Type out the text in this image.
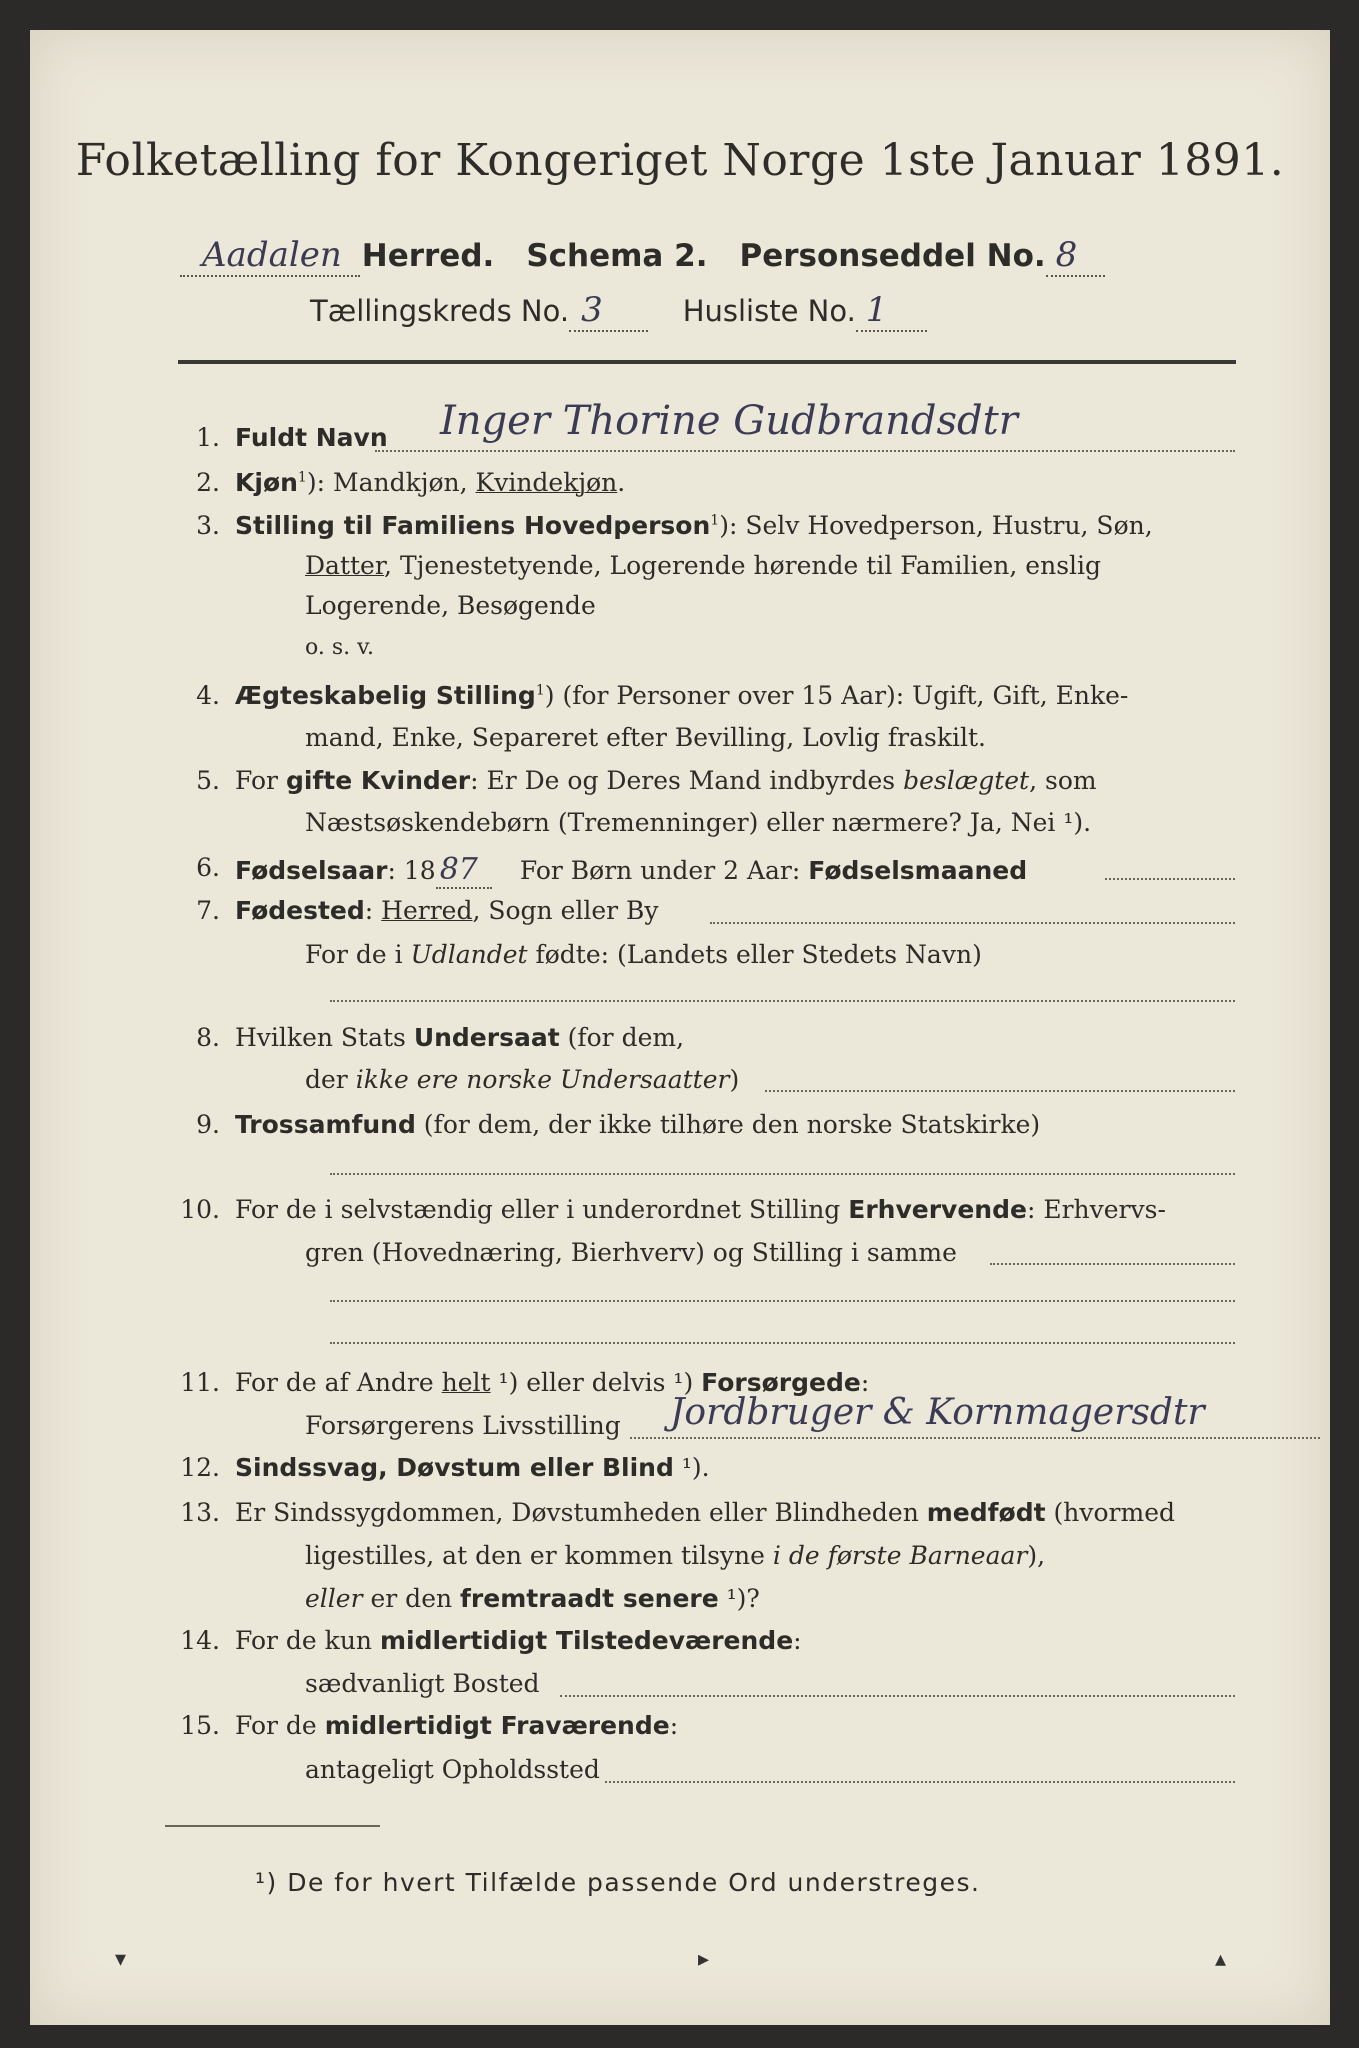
Folketælling for Kongeriget Norge 1ste Januar 1891.
Aadalen Herred. Schema 2. Personseddel No. 8
Tællingskreds No. 3	Husliste No. 1
1. Fuldt Navn Inger Thorine Gudbrandsdtr
2. Kjøn$^1$): Mandkjøn, Kvindekjøn.
3. Stilling til Familiens Hovedperson$^1$): Selv Hovedperson, Hustru, Søn,
Datter, Tjenestetyende, Logerende hørende til Familien, enslig
Logerende, Besøgende
o. s. v.
4. Ægteskabelig Stilling$^1$) (for Personer over 15 Aar): Ugift, Gift, Enke-
mand, Enke, Separeret efter Bevilling, Lovlig fraskilt.
5. For gifte Kvinder: Er De og Deres Mand indbyrdes beslægtet, som
Næstsøskendebørn (Tremenninger) eller nærmere? Ja, Nei ¹).
6. Fødselsaar: 18 87 For Børn under 2 Aar: Fødselsmaaned
7. Fødested: Herred, Sogn eller By
For de i Udlandet fødte: (Landets eller Stedets Navn)
8. Hvilken Stats Undersaat (for dem,
der ikke ere norske Undersaatter)
9. Trossamfund (for dem, der ikke tilhøre den norske Statskirke)
10. For de i selvstændig eller i underordnet Stilling Erhvervende: Erhvervs-
gren (Hovednæring, Bierhverv) og Stilling i samme
11. For de af Andre helt ¹) eller delvis ¹) Forsørgede:
Forsørgerens Livsstilling Jordbruger & Kornmagersdtr
12. Sindssvag, Døvstum eller Blind ¹).
13. Er Sindssygdommen, Døvstumheden eller Blindheden medfødt (hvormed
ligestilles, at den er kommen tilsyne i de første Barneaar),
eller er den fremtraadt senere ¹)?
14. For de kun midlertidigt Tilstedeværende:
sædvanligt Bosted
15. For de midlertidigt Fraværende:
antageligt Opholdssted
¹) De for hvert Tilfælde passende Ord understreges.
▾	▸	▴
